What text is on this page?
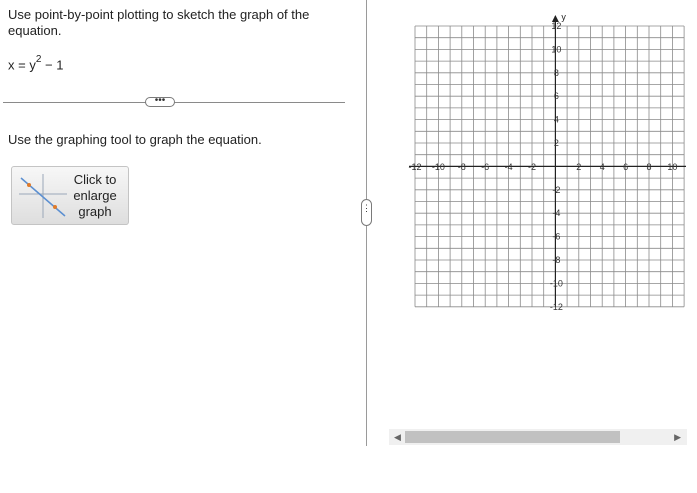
Use point-by-point plotting to sketch the graph of the equation.
$x = y^2 - 1$
•••
Use the graphing tool to graph the equation.
Click to enlarge graph	⋮
y
-12 -10 -8 -6 -4 -2	2 4 6 8 10
12
10
8
6
4
2
-2
-4
-6
-8
-10
-12
◀	▶
